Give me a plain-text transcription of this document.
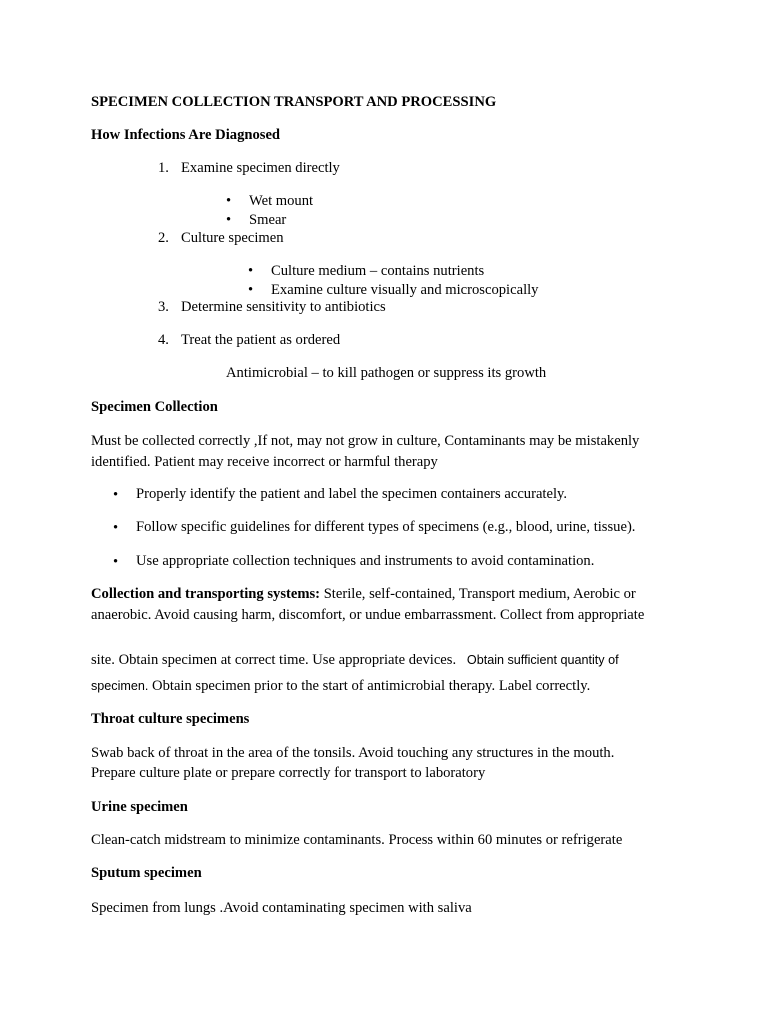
SPECIMEN COLLECTION TRANSPORT AND PROCESSING

How Infections Are Diagnosed

1. Examine specimen directly
• Wet mount
• Smear
2. Culture specimen
• Culture medium – contains nutrients
• Examine culture visually and microscopically
3. Determine sensitivity to antibiotics
4. Treat the patient as ordered

Antimicrobial – to kill pathogen or suppress its growth

Specimen Collection

Must be collected correctly ,If not, may not grow in culture, Contaminants may be mistakenly identified. Patient may receive incorrect or harmful therapy

• Properly identify the patient and label the specimen containers accurately.
• Follow specific guidelines for different types of specimens (e.g., blood, urine, tissue).
• Use appropriate collection techniques and instruments to avoid contamination.

Collection and transporting systems: Sterile, self-contained, Transport medium, Aerobic or

anaerobic. Avoid causing harm, discomfort, or undue embarrassment. Collect from appropriate

site. Obtain specimen at correct time. Use appropriate devices.   Obtain sufficient quantity of

specimen. Obtain specimen prior to the start of antimicrobial therapy. Label correctly.

Throat culture specimens

Swab back of throat in the area of the tonsils. Avoid touching any structures in the mouth.

Prepare culture plate or prepare correctly for transport to laboratory

Urine specimen

Clean-catch midstream to minimize contaminants. Process within 60 minutes or refrigerate

Sputum specimen

Specimen from lungs .Avoid contaminating specimen with saliva
